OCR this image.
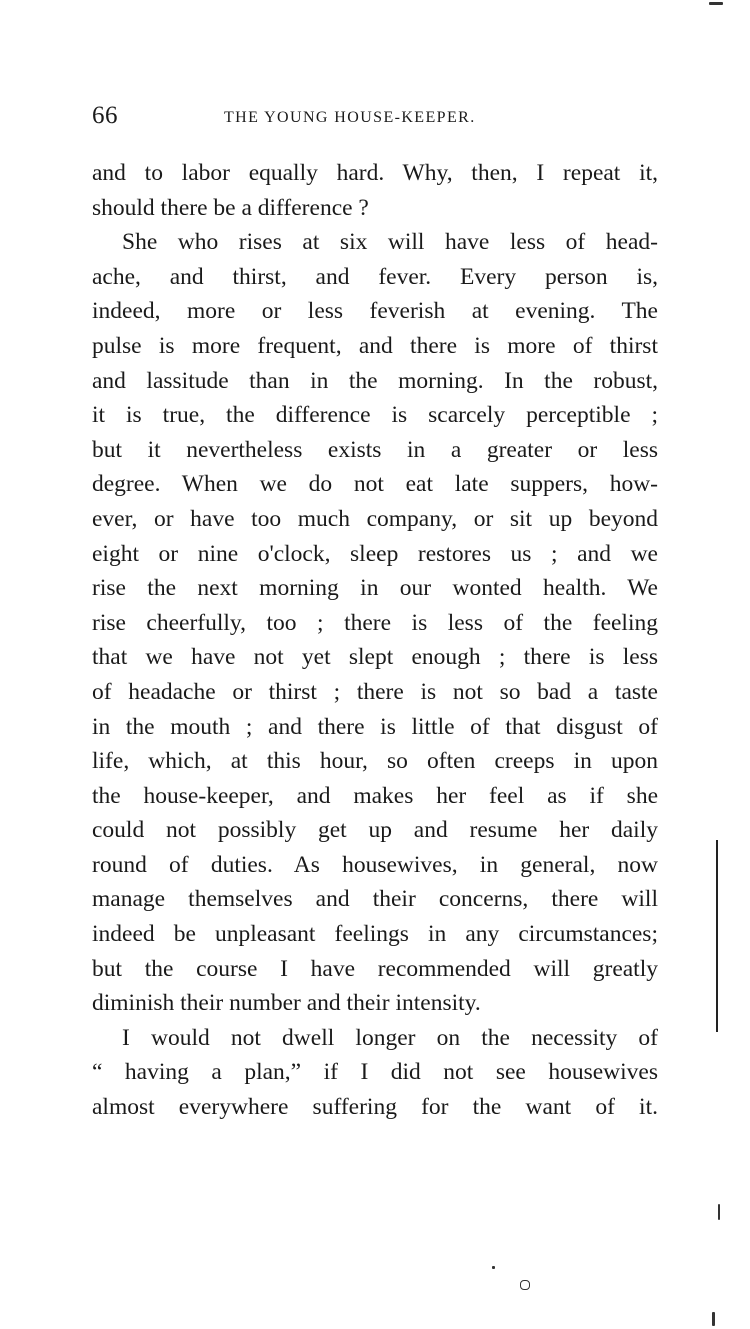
66	THE YOUNG HOUSE-KEEPER.
and to labor equally hard. Why, then, I repeat it,
should there be a difference ?
She who rises at six will have less of head-
ache, and thirst, and fever. Every person is,
indeed, more or less feverish at evening. The
pulse is more frequent, and there is more of thirst
and lassitude than in the morning. In the robust,
it is true, the difference is scarcely perceptible ;
but it nevertheless exists in a greater or less
degree. When we do not eat late suppers, how-
ever, or have too much company, or sit up beyond
eight or nine o'clock, sleep restores us ; and we
rise the next morning in our wonted health. We
rise cheerfully, too ; there is less of the feeling
that we have not yet slept enough ; there is less
of headache or thirst ; there is not so bad a taste
in the mouth ; and there is little of that disgust of
life, which, at this hour, so often creeps in upon
the house-keeper, and makes her feel as if she
could not possibly get up and resume her daily
round of duties. As housewives, in general, now
manage themselves and their concerns, there will
indeed be unpleasant feelings in any circumstances;
but the course I have recommended will greatly
diminish their number and their intensity.
I would not dwell longer on the necessity of
“ having a plan,” if I did not see housewives
almost everywhere suffering for the want of it.
